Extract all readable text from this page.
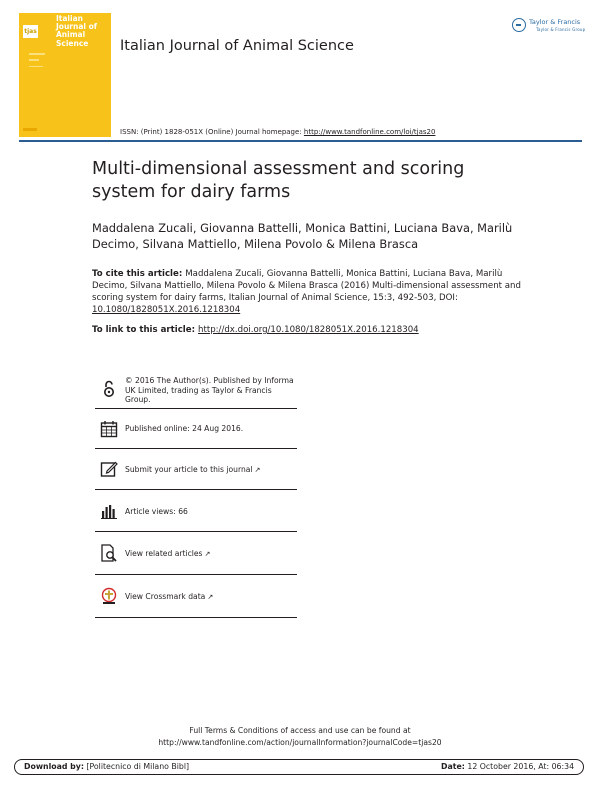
tjas
Italian Journal of Animal Science	Italian Journal of Animal Science
Taylor & Francis
Taylor & Francis Group
ISSN: (Print) 1828-051X (Online) Journal homepage: http://www.tandfonline.com/loi/tjas20
Multi-dimensional assessment and scoring system for dairy farms
Maddalena Zucali, Giovanna Battelli, Monica Battini, Luciana Bava, Marilù Decimo, Silvana Mattiello, Milena Povolo & Milena Brasca
To cite this article: Maddalena Zucali, Giovanna Battelli, Monica Battini, Luciana Bava, Marilù Decimo, Silvana Mattiello, Milena Povolo & Milena Brasca (2016) Multi-dimensional assessment and scoring system for dairy farms, Italian Journal of Animal Science, 15:3, 492-503, DOI: 10.1080/1828051X.2016.1218304
To link to this article: http://dx.doi.org/10.1080/1828051X.2016.1218304
© 2016 The Author(s). Published by Informa UK Limited, trading as Taylor & Francis Group.
Published online: 24 Aug 2016.
Submit your article to this journal ↗
Article views: 66
View related articles ↗
View Crossmark data ↗
Full Terms & Conditions of access and use can be found at
http://www.tandfonline.com/action/journalInformation?journalCode=tjas20
Download by: [Politecnico di Milano Bibl]	Date: 12 October 2016, At: 06:34
